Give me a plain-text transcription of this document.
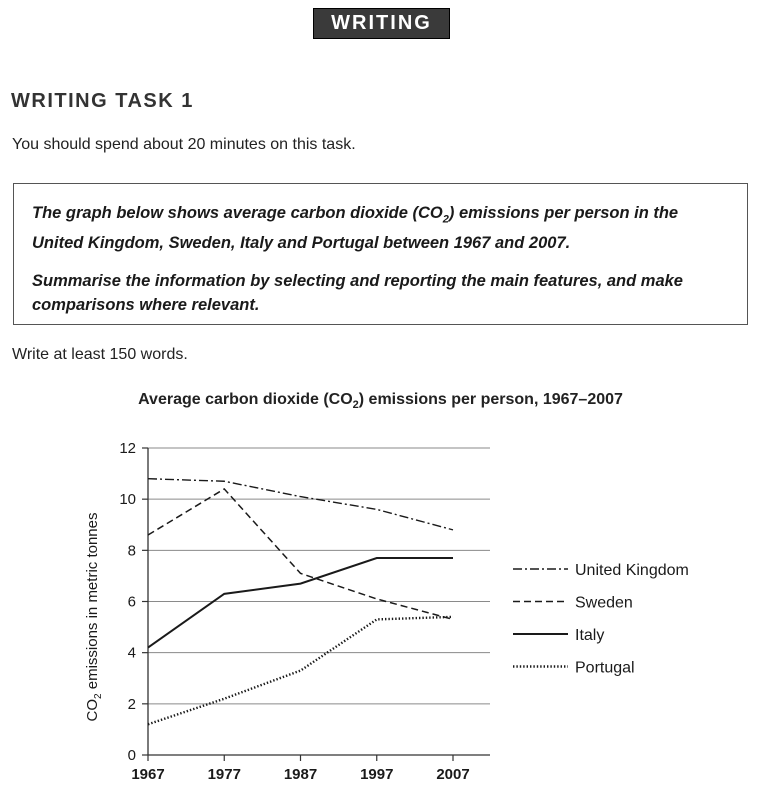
WRITING
WRITING TASK 1
You should spend about 20 minutes on this task.

The graph below shows average carbon dioxide $(CO_2)$ emissions per person in the United Kingdom, Sweden, Italy and Portugal between 1967 and 2007.

Summarise the information by selecting and reporting the main features, and make comparisons where relevant.

Write at least 150 words.
Average carbon dioxide $(CO_2)$ emissions per person, 1967–2007
0
2
4
6
8
10
12
1967	1977	1987	1997	2007
United Kingdom
Sweden
Italy
Portugal
$CO_2$ emissions in metric tonnes
